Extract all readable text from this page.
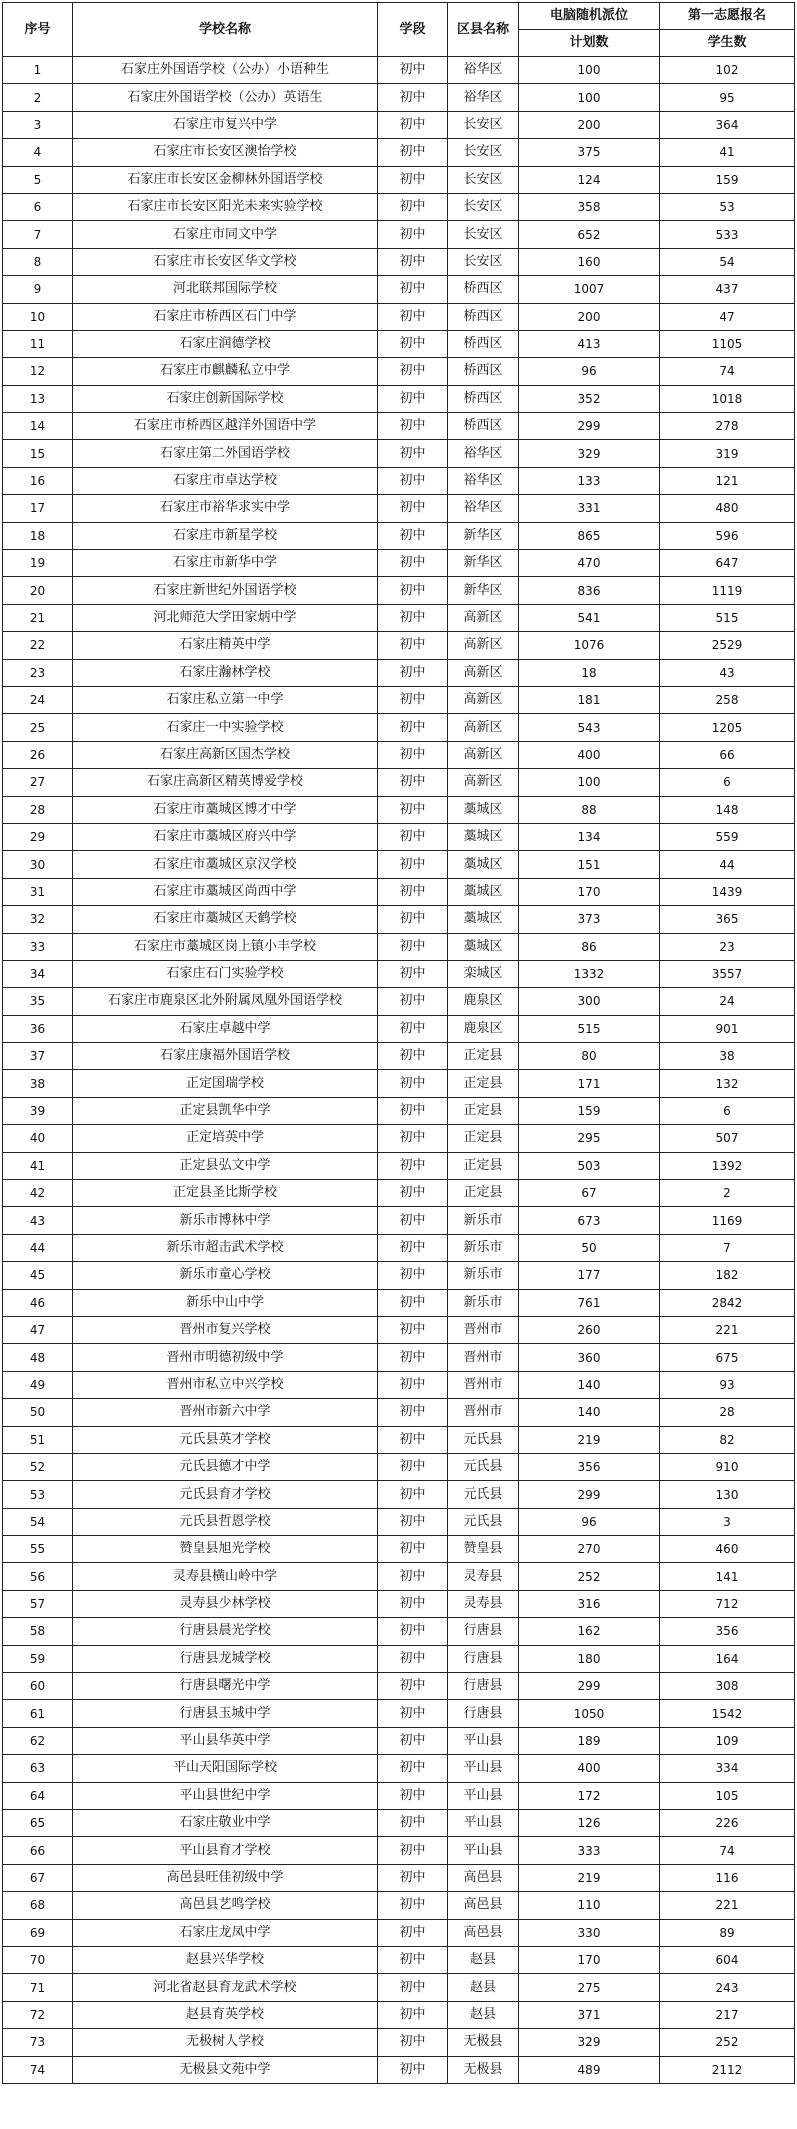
序号	学校名称	学段	区县名称	电脑随机派位	第一志愿报名
				计划数	学生数
1	石家庄外国语学校（公办）小语种生	初中	裕华区	100	102
2	石家庄外国语学校（公办）英语生	初中	裕华区	100	95
3	石家庄市复兴中学	初中	长安区	200	364
4	石家庄市长安区澳怡学校	初中	长安区	375	41
5	石家庄市长安区金柳林外国语学校	初中	长安区	124	159
6	石家庄市长安区阳光未来实验学校	初中	长安区	358	53
7	石家庄市同文中学	初中	长安区	652	533
8	石家庄市长安区华文学校	初中	长安区	160	54
9	河北联邦国际学校	初中	桥西区	1007	437
10	石家庄市桥西区石门中学	初中	桥西区	200	47
11	石家庄润德学校	初中	桥西区	413	1105
12	石家庄市麒麟私立中学	初中	桥西区	96	74
13	石家庄创新国际学校	初中	桥西区	352	1018
14	石家庄市桥西区越洋外国语中学	初中	桥西区	299	278
15	石家庄第二外国语学校	初中	裕华区	329	319
16	石家庄市卓达学校	初中	裕华区	133	121
17	石家庄市裕华求实中学	初中	裕华区	331	480
18	石家庄市新星学校	初中	新华区	865	596
19	石家庄市新华中学	初中	新华区	470	647
20	石家庄新世纪外国语学校	初中	新华区	836	1119
21	河北师范大学田家炳中学	初中	高新区	541	515
22	石家庄精英中学	初中	高新区	1076	2529
23	石家庄瀚林学校	初中	高新区	18	43
24	石家庄私立第一中学	初中	高新区	181	258
25	石家庄一中实验学校	初中	高新区	543	1205
26	石家庄高新区国杰学校	初中	高新区	400	66
27	石家庄高新区精英博爱学校	初中	高新区	100	6
28	石家庄市藁城区博才中学	初中	藁城区	88	148
29	石家庄市藁城区府兴中学	初中	藁城区	134	559
30	石家庄市藁城区京汉学校	初中	藁城区	151	44
31	石家庄市藁城区尚西中学	初中	藁城区	170	1439
32	石家庄市藁城区天鹤学校	初中	藁城区	373	365
33	石家庄市藁城区岗上镇小丰学校	初中	藁城区	86	23
34	石家庄石门实验学校	初中	栾城区	1332	3557
35	石家庄市鹿泉区北外附属凤凰外国语学校	初中	鹿泉区	300	24
36	石家庄卓越中学	初中	鹿泉区	515	901
37	石家庄康福外国语学校	初中	正定县	80	38
38	正定国瑞学校	初中	正定县	171	132
39	正定县凯华中学	初中	正定县	159	6
40	正定培英中学	初中	正定县	295	507
41	正定县弘文中学	初中	正定县	503	1392
42	正定县圣比斯学校	初中	正定县	67	2
43	新乐市博林中学	初中	新乐市	673	1169
44	新乐市超击武术学校	初中	新乐市	50	7
45	新乐市童心学校	初中	新乐市	177	182
46	新乐中山中学	初中	新乐市	761	2842
47	晋州市复兴学校	初中	晋州市	260	221
48	晋州市明德初级中学	初中	晋州市	360	675
49	晋州市私立中兴学校	初中	晋州市	140	93
50	晋州市新六中学	初中	晋州市	140	28
51	元氏县英才学校	初中	元氏县	219	82
52	元氏县德才中学	初中	元氏县	356	910
53	元氏县育才学校	初中	元氏县	299	130
54	元氏县哲恩学校	初中	元氏县	96	3
55	赞皇县旭光学校	初中	赞皇县	270	460
56	灵寿县横山岭中学	初中	灵寿县	252	141
57	灵寿县少林学校	初中	灵寿县	316	712
58	行唐县晨光学校	初中	行唐县	162	356
59	行唐县龙城学校	初中	行唐县	180	164
60	行唐县曙光中学	初中	行唐县	299	308
61	行唐县玉城中学	初中	行唐县	1050	1542
62	平山县华英中学	初中	平山县	189	109
63	平山天阳国际学校	初中	平山县	400	334
64	平山县世纪中学	初中	平山县	172	105
65	石家庄敬业中学	初中	平山县	126	226
66	平山县育才学校	初中	平山县	333	74
67	高邑县旺佳初级中学	初中	高邑县	219	116
68	高邑县艺鸣学校	初中	高邑县	110	221
69	石家庄龙凤中学	初中	高邑县	330	89
70	赵县兴华学校	初中	赵县	170	604
71	河北省赵县育龙武术学校	初中	赵县	275	243
72	赵县育英学校	初中	赵县	371	217
73	无极树人学校	初中	无极县	329	252
74	无极县文苑中学	初中	无极县	489	2112
